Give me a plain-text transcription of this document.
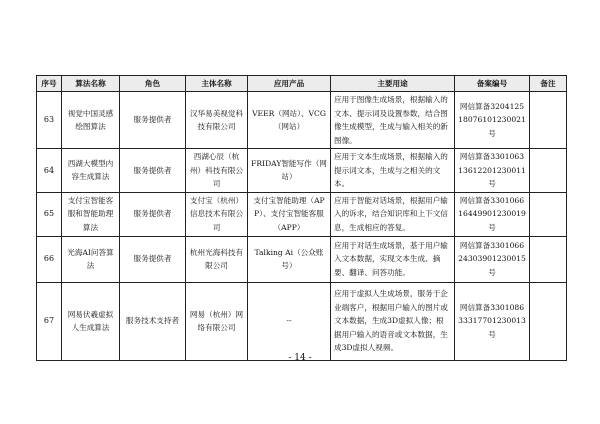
序号	算法名称	角色	主体名称	应用产品	主要用途	备案编号	备注
63	视觉中国灵感绘图算法	服务提供者	汉华易美视觉科技有限公司	VEER（网站）、VCG（网站）	应用于图像生成场景，根据输入的文本、提示词及设置参数，结合图像生成模型，生成与输入相关的新图像。	网信算备320412518076101230021号	
64	西湖大模型内容生成算法	服务提供者	西湖心辰（杭州）科技有限公司	FRIDAY智能写作（网站）	应用于文本生成场景，根据输入的提示词文本，生成与之相关的文本。	网信算备330106313612201230011号	
65	支付宝智能客服和智能助理算法	服务提供者	支付宝（杭州）信息技术有限公司	支付宝智能助理（APP）、支付宝智能客服（APP）	应用于智能对话场景，根据用户输入的诉求，结合知识库和上下文信息，生成相应的答复。	网信算备330106616449901230019号	
66	光海AI问答算法	服务提供者	杭州光海科技有限公司	Talking Ai（公众账号）	应用于对话生成场景，基于用户输入文本数据，实现文本生成、摘要、翻译、问答功能。	网信算备330106624303901230015号	
67	网易伏羲虚拟人生成算法	服务技术支持者	网易（杭州）网络有限公司	--	应用于虚拟人生成场景，服务于企业端客户，根据用户输入的图片或文本数据，生成3D虚拟人像；根据用户输入的语音或文本数据，生成3D虚拟人视频。	网信算备330108633317701230013号	
- 14 -
